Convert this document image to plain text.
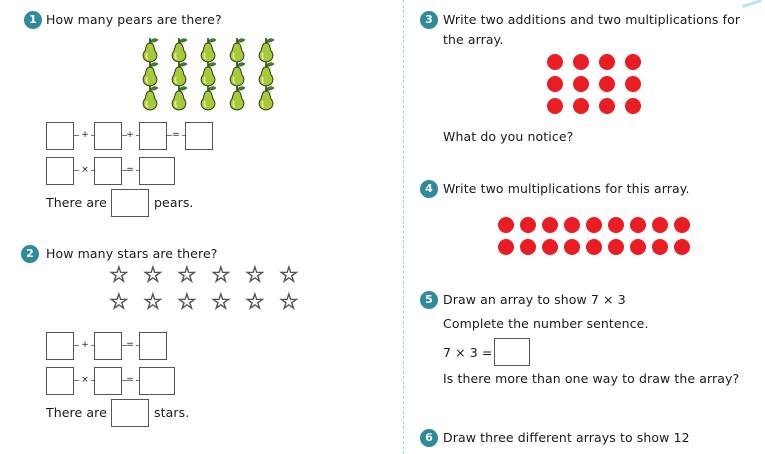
1 How many pears are there?
+	+	=
×	=
There are	pears.
2 How many stars are there?
☆ ☆ ☆ ☆ ☆ ☆
☆ ☆ ☆ ☆ ☆ ☆
+	=
×	=
There are	stars.
3 Write two additions and two multiplications for
the array.
What do you notice?
4 Write two multiplications for this array.
5 Draw an array to show 7 × 3
Complete the number sentence.
7 × 3 =
Is there more than one way to draw the array?
6 Draw three different arrays to show 12
